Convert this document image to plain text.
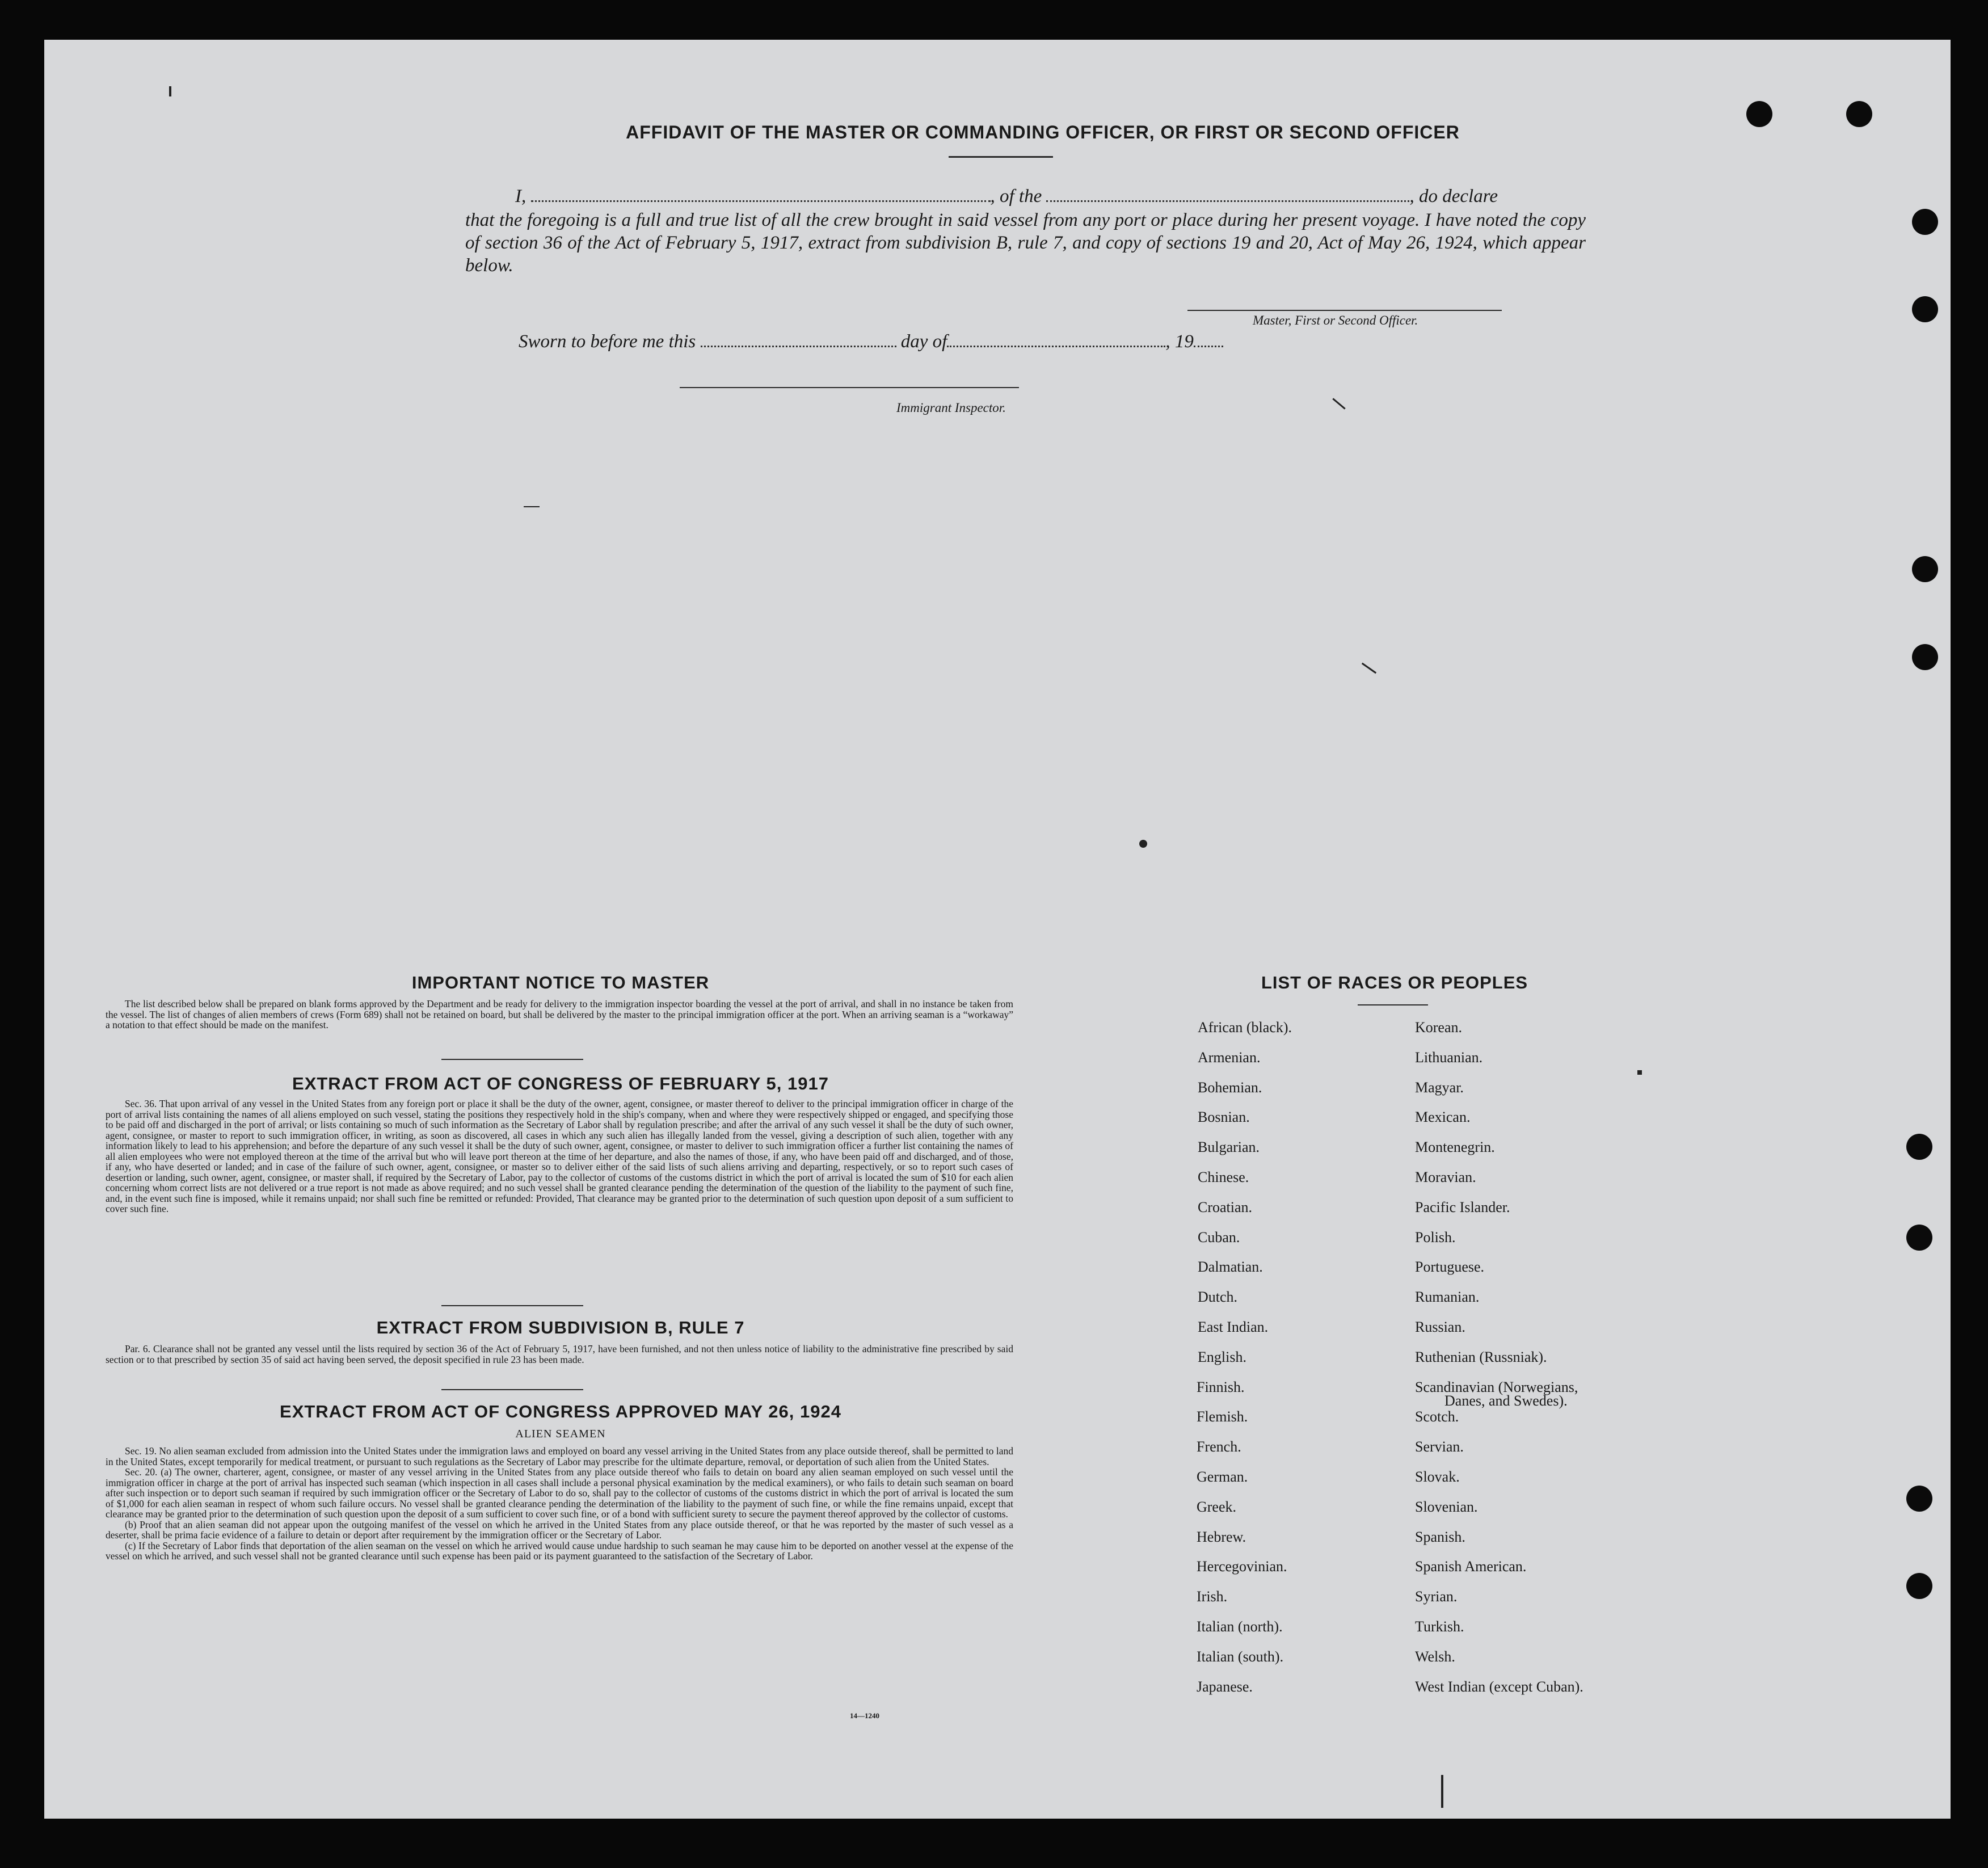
AFFIDAVIT OF THE MASTER OR COMMANDING OFFICER, OR FIRST OR SECOND OFFICER
I,	, of the	, do declare
that the foregoing is a full and true list of all the crew brought in said vessel from any port or place during her present voyage. I have noted the copy of section 36 of the Act of February 5, 1917, extract from subdivision B, rule 7, and copy of sections 19 and 20, Act of May 26, 1924, which appear below.
Master, First or Second Officer.
Sworn to before me this	day of	, 19
Immigrant Inspector.
IMPORTANT NOTICE TO MASTER

The list described below shall be prepared on blank forms approved by the Department and be ready for delivery to the immigration inspector boarding the vessel at the port of arrival, and shall in no instance be taken from the vessel. The list of changes of alien members of crews (Form 689) shall not be retained on board, but shall be delivered by the master to the principal immigration officer at the port. When an arriving seaman is a “workaway” a notation to that effect should be made on the manifest.

EXTRACT FROM ACT OF CONGRESS OF FEBRUARY 5, 1917

Sec. 36. That upon arrival of any vessel in the United States from any foreign port or place it shall be the duty of the owner, agent, consignee, or master thereof to deliver to the principal immigration officer in charge of the port of arrival lists containing the names of all aliens employed on such vessel, stating the positions they respectively hold in the ship's company, when and where they were respectively shipped or engaged, and specifying those to be paid off and discharged in the port of arrival; or lists containing so much of such information as the Secretary of Labor shall by regulation prescribe; and after the arrival of any such vessel it shall be the duty of such owner, agent, consignee, or master to report to such immigration officer, in writing, as soon as discovered, all cases in which any such alien has illegally landed from the vessel, giving a description of such alien, together with any information likely to lead to his apprehension; and before the departure of any such vessel it shall be the duty of such owner, agent, consignee, or master to deliver to such immigration officer a further list containing the names of all alien employees who were not employed thereon at the time of the arrival but who will leave port thereon at the time of her departure, and also the names of those, if any, who have been paid off and discharged, and of those, if any, who have deserted or landed; and in case of the failure of such owner, agent, consignee, or master so to deliver either of the said lists of such aliens arriving and departing, respectively, or so to report such cases of desertion or landing, such owner, agent, consignee, or master shall, if required by the Secretary of Labor, pay to the collector of customs of the customs district in which the port of arrival is located the sum of $10 for each alien concerning whom correct lists are not delivered or a true report is not made as above required; and no such vessel shall be granted clearance pending the determination of the question of the liability to the payment of such fine, and, in the event such fine is imposed, while it remains unpaid; nor shall such fine be remitted or refunded: Provided, That clearance may be granted prior to the determination of such question upon deposit of a sum sufficient to cover such fine.

EXTRACT FROM SUBDIVISION B, RULE 7

Par. 6. Clearance shall not be granted any vessel until the lists required by section 36 of the Act of February 5, 1917, have been furnished, and not then unless notice of liability to the administrative fine prescribed by said section or to that prescribed by section 35 of said act having been served, the deposit specified in rule 23 has been made.

EXTRACT FROM ACT OF CONGRESS APPROVED MAY 26, 1924
ALIEN SEAMEN

Sec. 19. No alien seaman excluded from admission into the United States under the immigration laws and employed on board any vessel arriving in the United States from any place outside thereof, shall be permitted to land in the United States, except temporarily for medical treatment, or pursuant to such regulations as the Secretary of Labor may prescribe for the ultimate departure, removal, or deportation of such alien from the United States.

Sec. 20. (a) The owner, charterer, agent, consignee, or master of any vessel arriving in the United States from any place outside thereof who fails to detain on board any alien seaman employed on such vessel until the immigration officer in charge at the port of arrival has inspected such seaman (which inspection in all cases shall include a personal physical examination by the medical examiners), or who fails to detain such seaman on board after such inspection or to deport such seaman if required by such immigration officer or the Secretary of Labor to do so, shall pay to the collector of customs of the customs district in which the port of arrival is located the sum of $1,000 for each alien seaman in respect of whom such failure occurs. No vessel shall be granted clearance pending the determination of the liability to the payment of such fine, or while the fine remains unpaid, except that clearance may be granted prior to the determination of such question upon the deposit of a sum sufficient to cover such fine, or of a bond with sufficient surety to secure the payment thereof approved by the collector of customs.

(b) Proof that an alien seaman did not appear upon the outgoing manifest of the vessel on which he arrived in the United States from any place outside thereof, or that he was reported by the master of such vessel as a deserter, shall be prima facie evidence of a failure to detain or deport after requirement by the immigration officer or the Secretary of Labor.

(c) If the Secretary of Labor finds that deportation of the alien seaman on the vessel on which he arrived would cause undue hardship to such seaman he may cause him to be deported on another vessel at the expense of the vessel on which he arrived, and such vessel shall not be granted clearance until such expense has been paid or its payment guaranteed to the satisfaction of the Secretary of Labor.

14—1240
LIST OF RACES OR PEOPLES
African (black).
Armenian.
Bohemian.
Bosnian.
Bulgarian.
Chinese.
Croatian.
Cuban.
Dalmatian.
Dutch.
East Indian.
English.
Finnish.
Flemish.
French.
German.
Greek.
Hebrew.
Hercegovinian.
Irish.
Italian (north).
Italian (south).
Japanese.
Korean.
Lithuanian.
Magyar.
Mexican.
Montenegrin.
Moravian.
Pacific Islander.
Polish.
Portuguese.
Rumanian.
Russian.
Ruthenian (Russniak).
Scandinavian (Norwegians,
Danes, and Swedes).
Scotch.
Servian.
Slovak.
Slovenian.
Spanish.
Spanish American.
Syrian.
Turkish.
Welsh.
West Indian (except Cuban).
